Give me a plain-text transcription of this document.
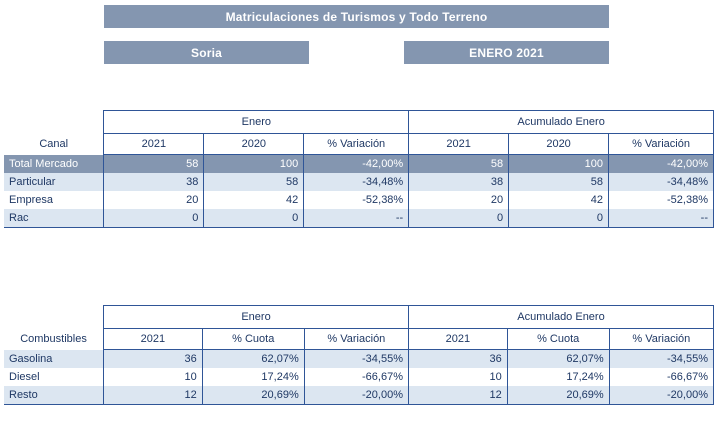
Matriculaciones de Turismos y Todo Terreno
Soria	ENERO 2021
	Enero			Acumulado Enero		
Canal	2021	2020	% Variación	2021	2020	% Variación
Total Mercado	58	100	-42,00%	58	100	-42,00%
Particular	38	58	-34,48%	38	58	-34,48%
Empresa	20	42	-52,38%	20	42	-52,38%
Rac	0	0	--	0	0	--
	Enero			Acumulado Enero		
Combustibles	2021	% Cuota	% Variación	2021	% Cuota	% Variación
Gasolina	36	62,07%	-34,55%	36	62,07%	-34,55%
Diesel	10	17,24%	-66,67%	10	17,24%	-66,67%
Resto	12	20,69%	-20,00%	12	20,69%	-20,00%
